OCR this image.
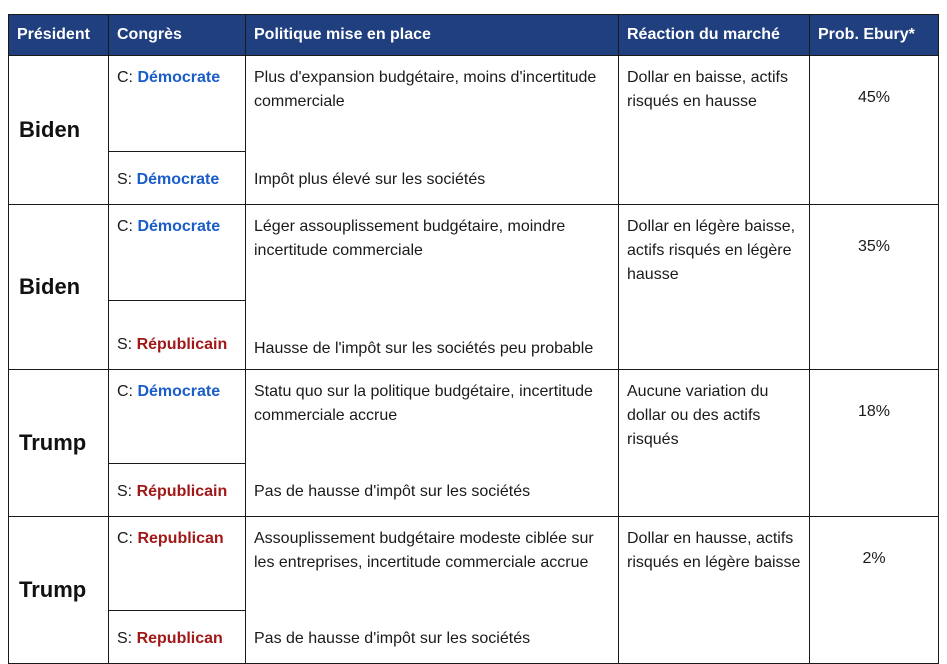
Président	Congrès	Politique mise en place	Réaction du marché	Prob. Ebury*
Biden	C: Démocrate	Plus d'expansion budgétaire, moins d'incertitude commerciale	Dollar en baisse, actifs risqués en hausse	45%
	S: Démocrate	Impôt plus élevé sur les sociétés		
Biden	C: Démocrate	Léger assouplissement budgétaire, moindre incertitude commerciale	Dollar en légère baisse, actifs risqués en légère hausse	35%
	S: Républicain	Hausse de l'impôt sur les sociétés peu probable		
Trump	C: Démocrate	Statu quo sur la politique budgétaire, incertitude commerciale accrue	Aucune variation du dollar ou des actifs risqués	18%
	S: Républicain	Pas de hausse d'impôt sur les sociétés		
Trump	C: Republican	Assouplissement budgétaire modeste ciblée sur les entreprises, incertitude commerciale accrue	Dollar en hausse, actifs risqués en légère baisse	2%
	S: Republican	Pas de hausse d'impôt sur les sociétés		
